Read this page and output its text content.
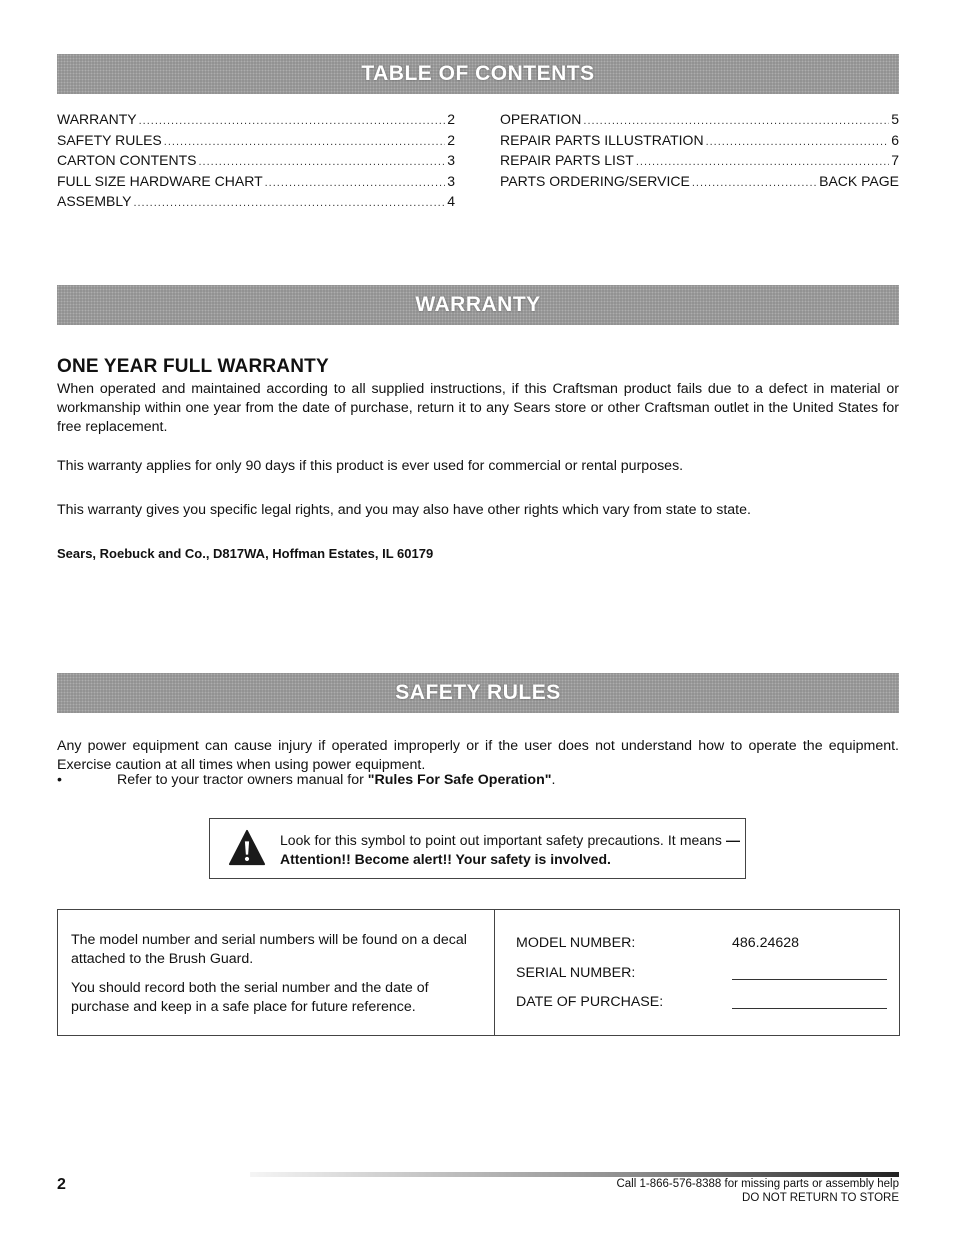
TABLE OF CONTENTS
WARRANTY .....	2
SAFETY RULES .....	2
CARTON CONTENTS .....	3
FULL SIZE HARDWARE CHART .....	3
ASSEMBLY .....	4
OPERATION .....	5
REPAIR PARTS ILLUSTRATION .....	6
REPAIR PARTS LIST .....	7
PARTS ORDERING/SERVICE .....	BACK PAGE
WARRANTY
ONE YEAR FULL WARRANTY

When operated and maintained according to all supplied instructions, if this Craftsman product fails due to a defect in material or workmanship within one year from the date of purchase, return it to any Sears store or other Craftsman outlet in the United States for free replacement.

This warranty applies for only 90 days if this product is ever used for commercial or rental purposes.

This warranty gives you specific legal rights, and you may also have other rights which vary from state to state.

Sears, Roebuck and Co., D817WA, Hoffman Estates, IL 60179
SAFETY RULES

Any power equipment can cause injury if operated improperly or if the user does not understand how to operate the equipment. Exercise caution at all times when using power equipment.

•	Refer to your tractor owners manual for "Rules For Safe Operation".
Look for this symbol to point out important safety precautions. It means — Attention!! Become alert!! Your safety is involved.

The model number and serial numbers will be found on a decal attached to the Brush Guard.

You should record both the serial number and the date of purchase and keep in a safe place for future reference.

MODEL NUMBER:	486.24628
SERIAL NUMBER:
DATE OF PURCHASE:
2	Call 1-866-576-8388 for missing parts or assembly help
DO NOT RETURN TO STORE
